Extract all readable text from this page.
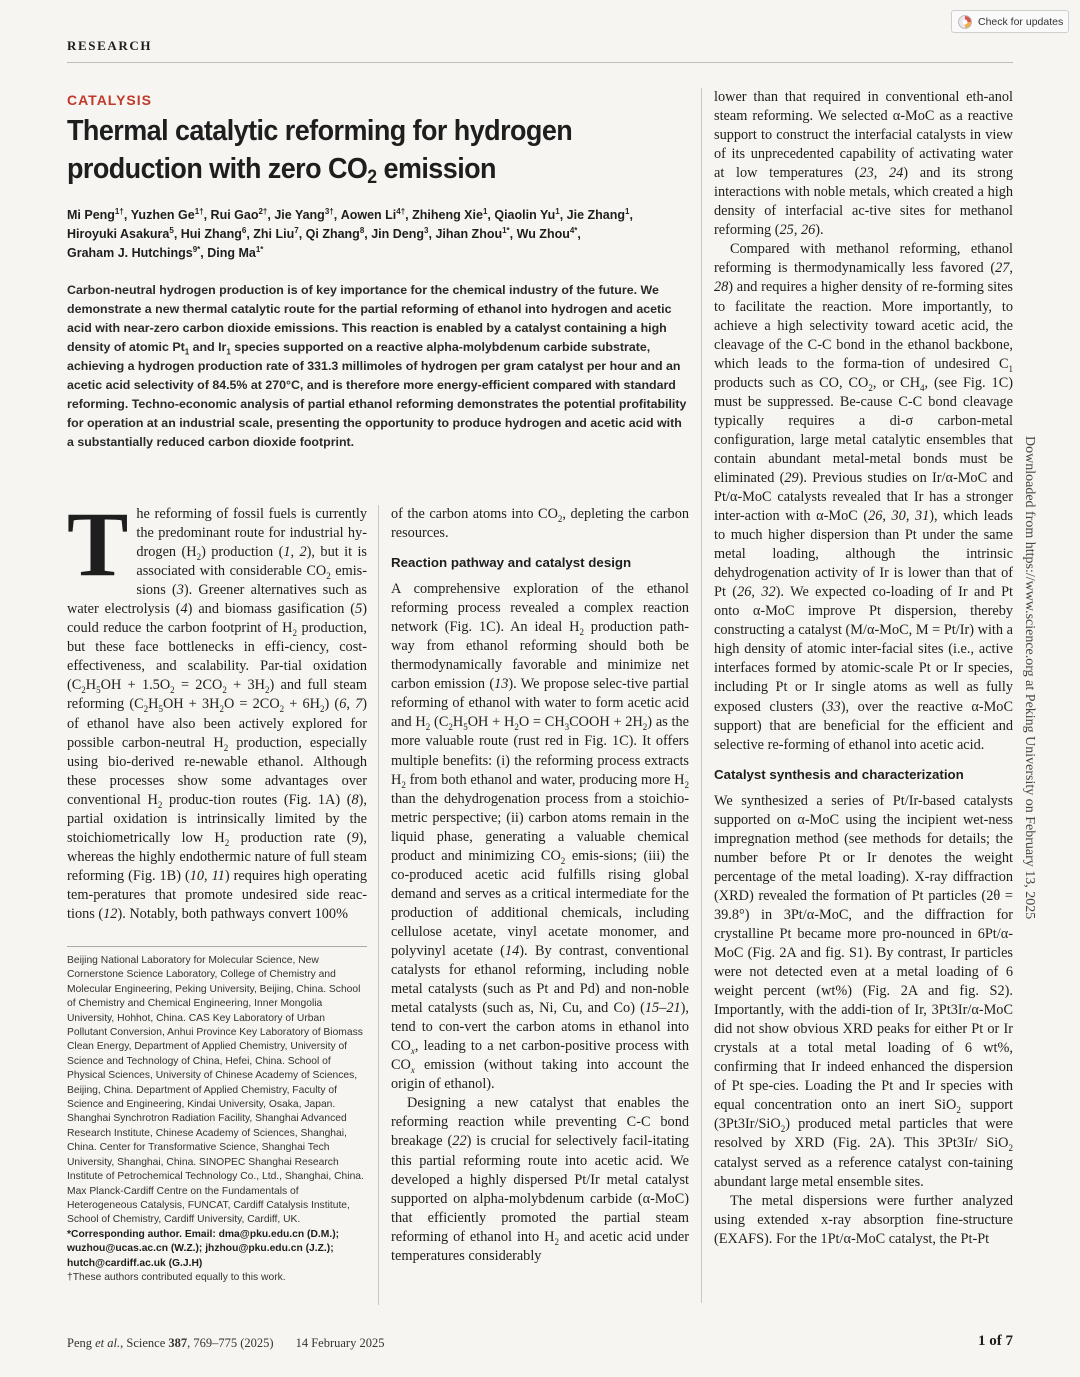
RESEARCH
Check for updates
CATALYSIS
Thermal catalytic reforming for hydrogen production with zero $CO_2$ emission
Mi Peng$^{1\dagger}$, Yuzhen $Ge^{1\dagger}$, Rui Gao$^{2\dagger}$, Jie Yang$^{3\dagger}$, Aowen $Li^{4\dagger}$, Zhiheng Xie$^1$, Qiaolin Yu$^1$, Jie Zhang$^1$, Hiroyuki Asakura$^5$, Hui Zhang$^6$, Zhi Liu$^7$, Qi Zhang$^8$, Jin Deng$^3$, Jihan Zhou$^{1*}$, Wu Zhou$^{4*}$, Graham J. Hutchings$^{9*}$, Ding $Ma^{1*}$
Carbon-neutral hydrogen production is of key importance for the chemical industry of the future. We demonstrate a new thermal catalytic route for the partial reforming of ethanol into hydrogen and acetic acid with near-zero carbon dioxide emissions. This reaction is enabled by a catalyst containing a high density of atomic $Pt_1$ and $Ir_1$ species supported on a reactive alpha-molybdenum carbide substrate, achieving a hydrogen production rate of 331.3 millimoles of hydrogen per gram catalyst per hour and an acetic acid selectivity of 84.5% at 270°C, and is therefore more energy-efficient compared with standard reforming. Techno-economic analysis of partial ethanol reforming demonstrates the potential profitability for operation at an industrial scale, presenting the opportunity to produce hydrogen and acetic acid with a substantially reduced carbon dioxide footprint.

The reforming of fossil fuels is currently the predominant route for industrial hy-drogen $(H_2)$ production (1, 2), but it is associated with considerable $CO_2$ emis-sions (3). Greener alternatives such as water electrolysis (4) and biomass gasification (5) could reduce the carbon footprint of $H_2$ production, but these face bottlenecks in effi-ciency, cost-effectiveness, and scalability. Par-tial oxidation $(C_2H_5OH + 1.5O_2 = 2CO_2 + 3H_2)$ and full steam reforming $(C_2H_5OH + 3H_2O = 2CO_2 + 6H_2)$ (6, 7) of ethanol have also been actively explored for possible carbon-neutral $H_2$ production, especially using bio-derived re-newable ethanol. Although these processes show some advantages over conventional $H_2$ produc-tion routes (Fig. 1A) (8), partial oxidation is intrinsically limited by the stoichiometrically low $H_2$ production rate (9), whereas the highly endothermic nature of full steam reforming (Fig. 1B) (10, 11) requires high operating tem-peratures that promote undesired side reac-tions (12). Notably, both pathways convert 100%

Beijing National Laboratory for Molecular Science, New Cornerstone Science Laboratory, College of Chemistry and Molecular Engineering, Peking University, Beijing, China. School of Chemistry and Chemical Engineering, Inner Mongolia University, Hohhot, China. CAS Key Laboratory of Urban Pollutant Conversion, Anhui Province Key Laboratory of Biomass Clean Energy, Department of Applied Chemistry, University of Science and Technology of China, Hefei, China. School of Physical Sciences, University of Chinese Academy of Sciences, Beijing, China. Department of Applied Chemistry, Faculty of Science and Engineering, Kindai University, Osaka, Japan. Shanghai Synchrotron Radiation Facility, Shanghai Advanced Research Institute, Chinese Academy of Sciences, Shanghai, China. Center for Transformative Science, Shanghai Tech University, Shanghai, China. SINOPEC Shanghai Research Institute of Petrochemical Technology Co., Ltd., Shanghai, China. Max Planck-Cardiff Centre on the Fundamentals of Heterogeneous Catalysis, FUNCAT, Cardiff Catalysis Institute, School of Chemistry, Cardiff University, Cardiff, UK.
*Corresponding author. Email: dma@pku.edu.cn (D.M.); wuzhou@ucas.ac.cn (W.Z.); jhzhou@pku.edu.cn (J.Z.); hutch@cardiff.ac.uk (G.J.H)
†These authors contributed equally to this work.

of the carbon atoms into $CO_2$, depleting the carbon resources.

Reaction pathway and catalyst design

A comprehensive exploration of the ethanol reforming process revealed a complex reaction network (Fig. 1C). An ideal $H_2$ production path-way from ethanol reforming should both be thermodynamically favorable and minimize net carbon emission (13). We propose selec-tive partial reforming of ethanol with water to form acetic acid and $H_2$ ($C_2H_5OH + H_2O$ = $CH_3COOH + 2H_2$) as the more valuable route (rust red in Fig. 1C). It offers multiple benefits: (i) the reforming process extracts $H_2$ from both ethanol and water, producing more $H_2$ than the dehydrogenation process from a stoichio-metric perspective; (ii) carbon atoms remain in the liquid phase, generating a valuable chemical product and minimizing $CO_2$ emis-sions; (iii) the co-produced acetic acid fulfills rising global demand and serves as a critical intermediate for the production of additional chemicals, including cellulose acetate, vinyl acetate monomer, and polyvinyl acetate (14). By contrast, conventional catalysts for ethanol reforming, including noble metal catalysts (such as Pt and Pd) and non-noble metal catalysts (such as, Ni, Cu, and Co) (15–21), tend to con-vert the carbon atoms in ethanol into $CO_x$, leading to a net carbon-positive process with $CO_x$ emission (without taking into account the origin of ethanol).

Designing a new catalyst that enables the reforming reaction while preventing C-C bond breakage (22) is crucial for selectively facil-itating this partial reforming route into acetic acid. We developed a highly dispersed Pt/Ir metal catalyst supported on alpha-molybdenum carbide (α-MoC) that efficiently promoted the partial steam reforming of ethanol into $H_2$ and acetic acid under temperatures considerably

lower than that required in conventional eth-anol steam reforming. We selected α-MoC as a reactive support to construct the interfacial catalysts in view of its unprecedented capability of activating water at low temperatures (23, 24) and its strong interactions with noble metals, which created a high density of interfacial ac-tive sites for methanol reforming (25, 26).

Compared with methanol reforming, ethanol reforming is thermodynamically less favored (27, 28) and requires a higher density of re-forming sites to facilitate the reaction. More importantly, to achieve a high selectivity toward acetic acid, the cleavage of the C-C bond in the ethanol backbone, which leads to the forma-tion of undesired $C_1$ products such as CO, $CO_2$, or $CH_4$, (see Fig. 1C) must be suppressed. Be-cause C-C bond cleavage typically requires a di-σ carbon-metal configuration, large metal catalytic ensembles that contain abundant metal-metal bonds must be eliminated (29). Previous studies on Ir/α-MoC and Pt/α-MoC catalysts revealed that Ir has a stronger inter-action with α-MoC (26, 30, 31), which leads to much higher dispersion than Pt under the same metal loading, although the intrinsic dehydrogenation activity of Ir is lower than that of Pt (26, 32). We expected co-loading of Ir and Pt onto α-MoC improve Pt dispersion, thereby constructing a catalyst (M/α-MoC, M = Pt/Ir) with a high density of atomic inter-facial sites (i.e., active interfaces formed by atomic-scale Pt or Ir species, including Pt or Ir single atoms as well as fully exposed clusters (33), over the reactive α-MoC support) that are beneficial for the efficient and selective re-forming of ethanol into acetic acid.

Catalyst synthesis and characterization

We synthesized a series of Pt/Ir-based catalysts supported on α-MoC using the incipient wet-ness impregnation method (see methods for details; the number before Pt or Ir denotes the weight percentage of the metal loading). X-ray diffraction (XRD) revealed the formation of Pt particles (2θ = 39.8°) in 3Pt/α-MoC, and the diffraction for crystalline Pt became more pro-nounced in 6Pt/α-MoC (Fig. 2A and fig. S1). By contrast, Ir particles were not detected even at a metal loading of 6 weight percent (wt%) (Fig. 2A and fig. S2). Importantly, with the addi-tion of Ir, 3Pt3Ir/α-MoC did not show obvious XRD peaks for either Pt or Ir crystals at a total metal loading of 6 wt%, confirming that Ir indeed enhanced the dispersion of Pt spe-cies. Loading the Pt and Ir species with equal concentration onto an inert SiO$_2$ support (3Pt3Ir/SiO$_2$) produced metal particles that were resolved by XRD (Fig. 2A). This 3Pt3Ir/ SiO$_2$ catalyst served as a reference catalyst con-taining abundant large metal ensemble sites.

The metal dispersions were further analyzed using extended x-ray absorption fine-structure (EXAFS). For the 1Pt/α-MoC catalyst, the Pt-Pt

Downloaded from https://www.science.org at Peking University on February 13, 2025
Peng et al., Science 387, 769–775 (2025) 14 February 2025	1 of 7
